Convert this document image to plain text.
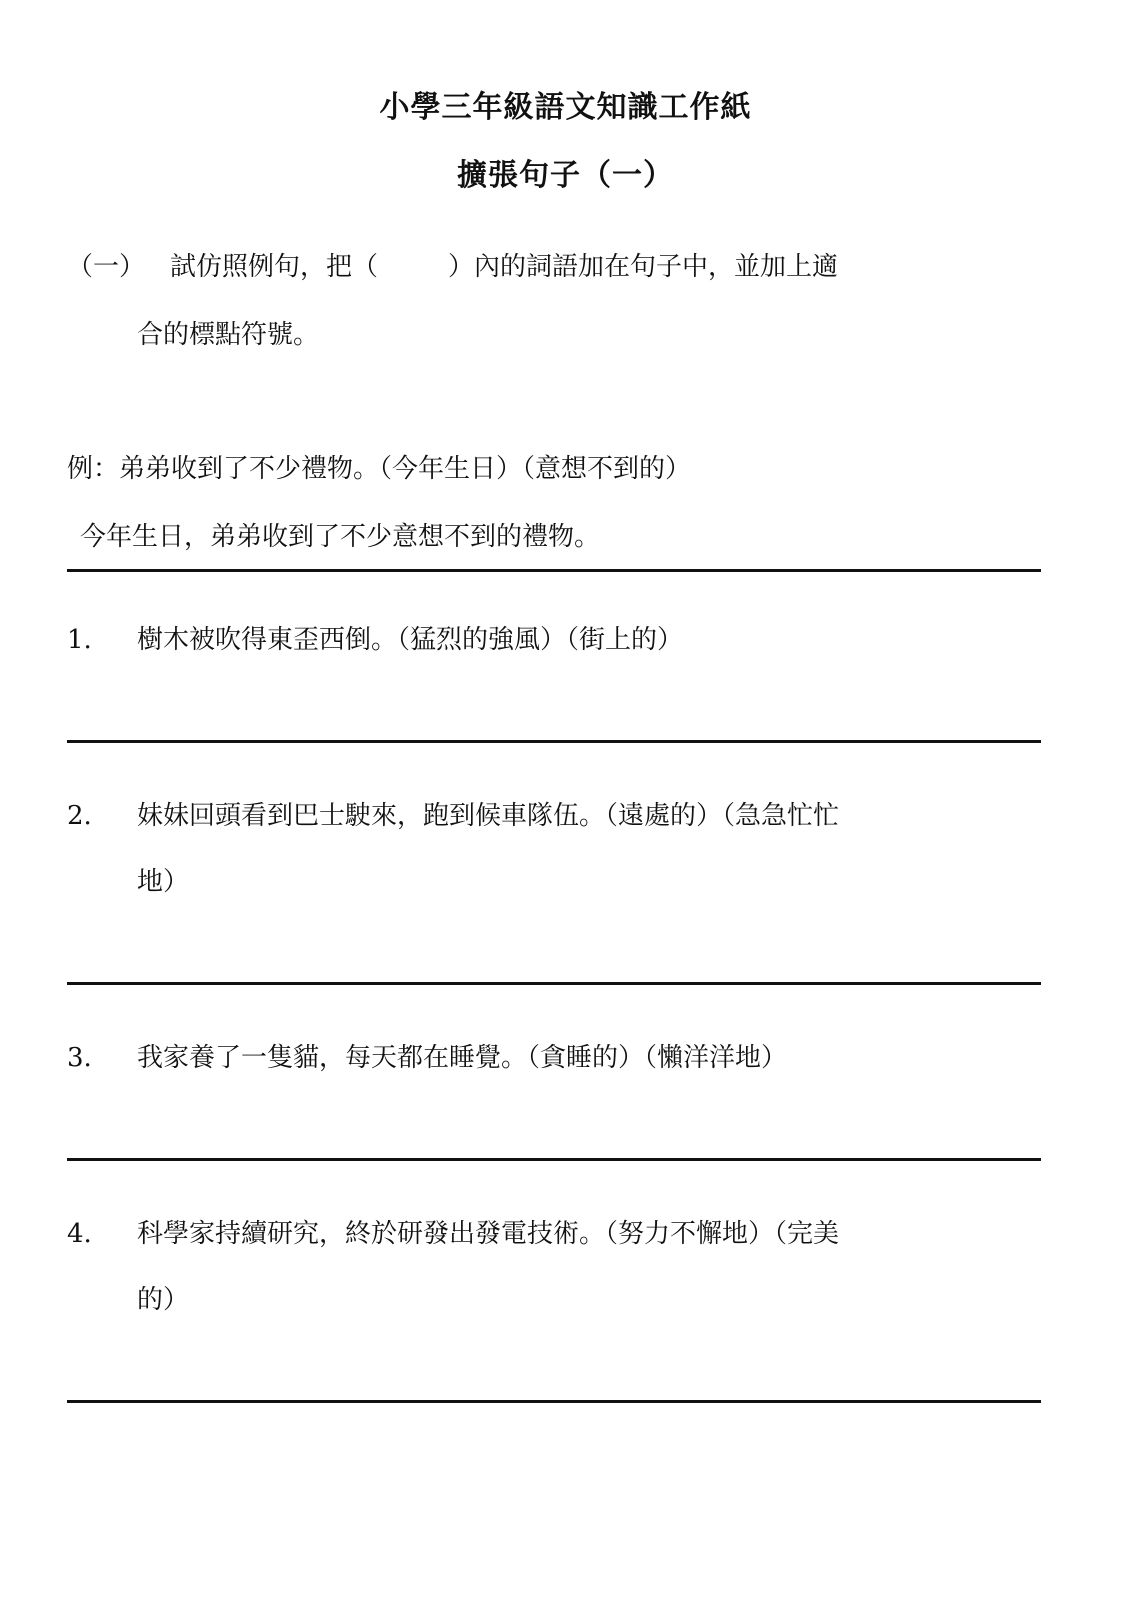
小學三年級語文知識工作紙
擴張句子（一）
（一） 試仿照例句，把（	）內的詞語加在句子中，並加上適
合的標點符號。
例：弟弟收到了不少禮物。（今年生日）（意想不到的）
今年生日，弟弟收到了不少意想不到的禮物。
1. 樹木被吹得東歪西倒。（猛烈的強風）（街上的）
2. 妹妹回頭看到巴士駛來，跑到候車隊伍。（遠處的）（急急忙忙
地）
3. 我家養了一隻貓，每天都在睡覺。（貪睡的）（懶洋洋地）
4. 科學家持續研究，終於研發出發電技術。（努力不懈地）（完美
的）
